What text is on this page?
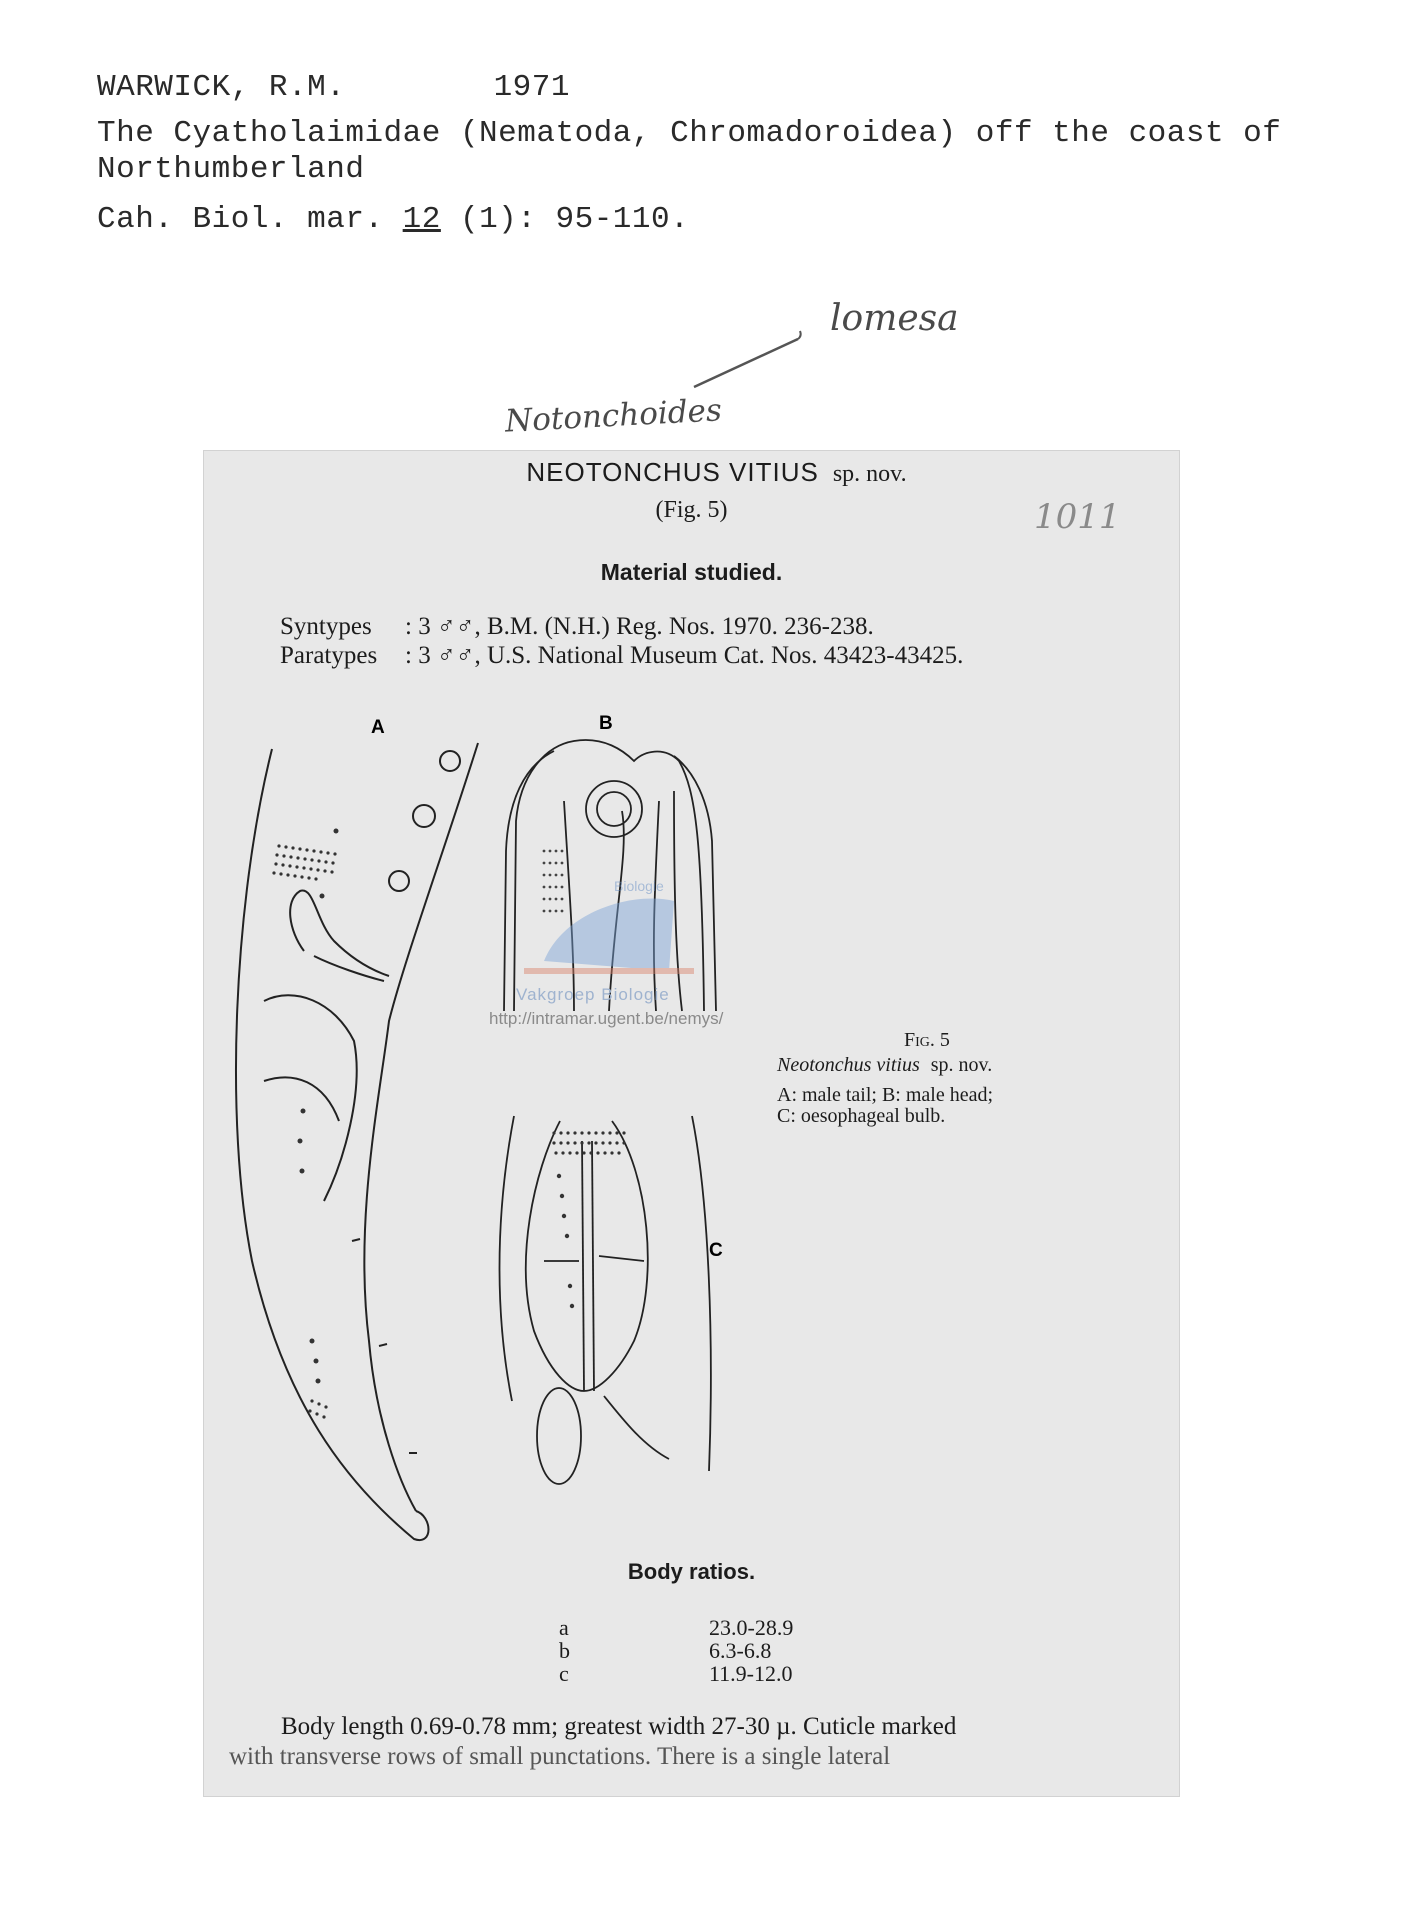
WARWICK, R.M.	1971
The Cyatholaimidae (Nematoda, Chromadoroidea) off the coast of
Northumberland
Cah. Biol. mar. 12 (1): 95-110.
lomesa
Notonchoides
NEOTONCHUS VITIUS sp. nov.
(Fig. 5)	1011
Material studied.
Syntypes : 3 ♂♂, B.M. (N.H.) Reg. Nos. 1970. 236-238.
Paratypes : 3 ♂♂, U.S. National Museum Cat. Nos. 43423-43425.
A	B
C
Biologie
Vakgroep Biologie
http://intramar.ugent.be/nemys/
Fig. 5
Neotonchus vitius sp. nov.
A: male tail; B: male head;
C: oesophageal bulb.
Body ratios.
a	23.0-28.9
b	6.3-6.8
c	11.9-12.0
Body length 0.69-0.78 mm; greatest width 27-30 µ. Cuticle marked
with transverse rows of small punctations. There is a single lateral
